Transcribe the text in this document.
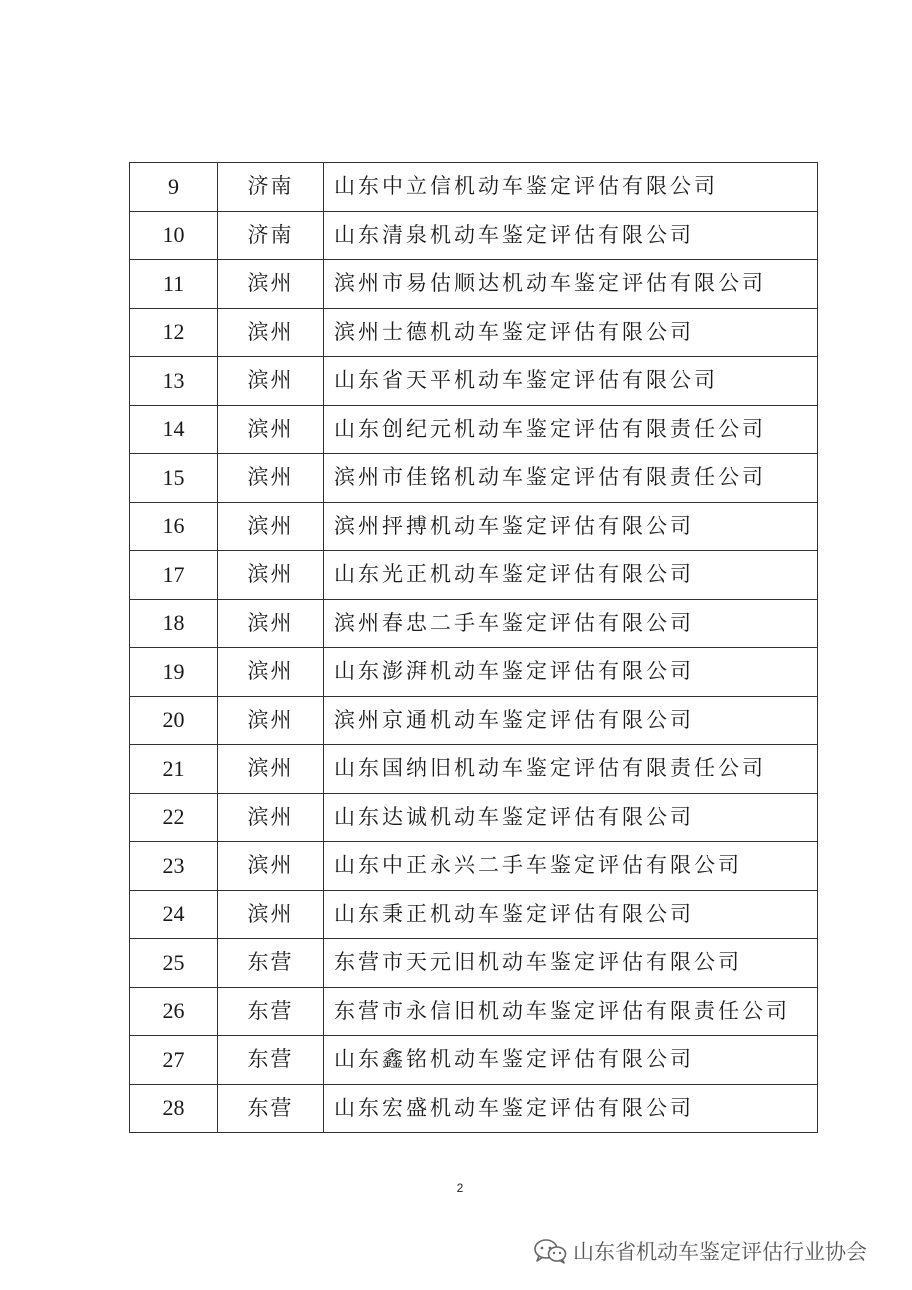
9	济南	山东中立信机动车鉴定评估有限公司
10	济南	山东清泉机动车鉴定评估有限公司
11	滨州	滨州市易估顺达机动车鉴定评估有限公司
12	滨州	滨州士德机动车鉴定评估有限公司
13	滨州	山东省天平机动车鉴定评估有限公司
14	滨州	山东创纪元机动车鉴定评估有限责任公司
15	滨州	滨州市佳铭机动车鉴定评估有限责任公司
16	滨州	滨州抨搏机动车鉴定评估有限公司
17	滨州	山东光正机动车鉴定评估有限公司
18	滨州	滨州春忠二手车鉴定评估有限公司
19	滨州	山东澎湃机动车鉴定评估有限公司
20	滨州	滨州京通机动车鉴定评估有限公司
21	滨州	山东国纳旧机动车鉴定评估有限责任公司
22	滨州	山东达诚机动车鉴定评估有限公司
23	滨州	山东中正永兴二手车鉴定评估有限公司
24	滨州	山东秉正机动车鉴定评估有限公司
25	东营	东营市天元旧机动车鉴定评估有限公司
26	东营	东营市永信旧机动车鉴定评估有限责任公司
27	东营	山东鑫铭机动车鉴定评估有限公司
28	东营	山东宏盛机动车鉴定评估有限公司
2
山东省机动车鉴定评估行业协会
